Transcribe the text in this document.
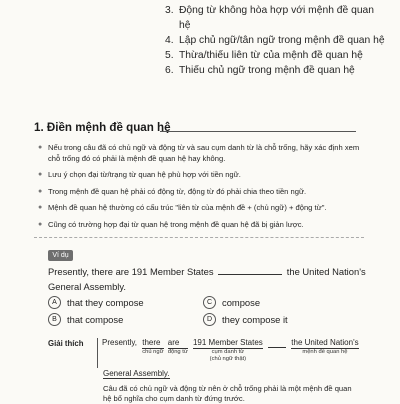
3. Động từ không hòa hợp với mệnh đề quan hệ
4. Lập chủ ngữ/tân ngữ trong mệnh đề quan hệ
5. Thừa/thiếu liên từ của mệnh đề quan hệ
6. Thiếu chủ ngữ trong mệnh đề quan hệ
1. Điền mệnh đề quan hệ
● Nếu trong câu đã có chủ ngữ và động từ và sau cụm danh từ là chỗ trống, hãy xác định xem chỗ trống đó có phải là mệnh đề quan hệ hay không.
● Lưu ý chọn đại từ/trạng từ quan hệ phù hợp với tiền ngữ.
● Trong mệnh đề quan hệ phải có động từ, động từ đó phải chia theo tiền ngữ.
● Mệnh đề quan hệ thường có cấu trúc "liên từ của mệnh đề + (chủ ngữ) + động từ".
● Cũng có trường hợp đại từ quan hệ trong mệnh đề quan hệ đã bị giản lược.
Ví dụ
Presently, there are 191 Member States	the United Nation's
General Assembly.
A	that they compose	C	compose
B	that compose	D	they compose it
Giải thích Presently, there
chủ ngữ

are
động từ

191 Member States
cụm danh từ
(chủ ngữ thật)

the United Nation's
mệnh đề quan hệ
General Assembly.
Câu đã có chủ ngữ và động từ nên ở chỗ trống phải là một mệnh đề quan hệ bổ nghĩa cho cụm danh từ đứng trước.
